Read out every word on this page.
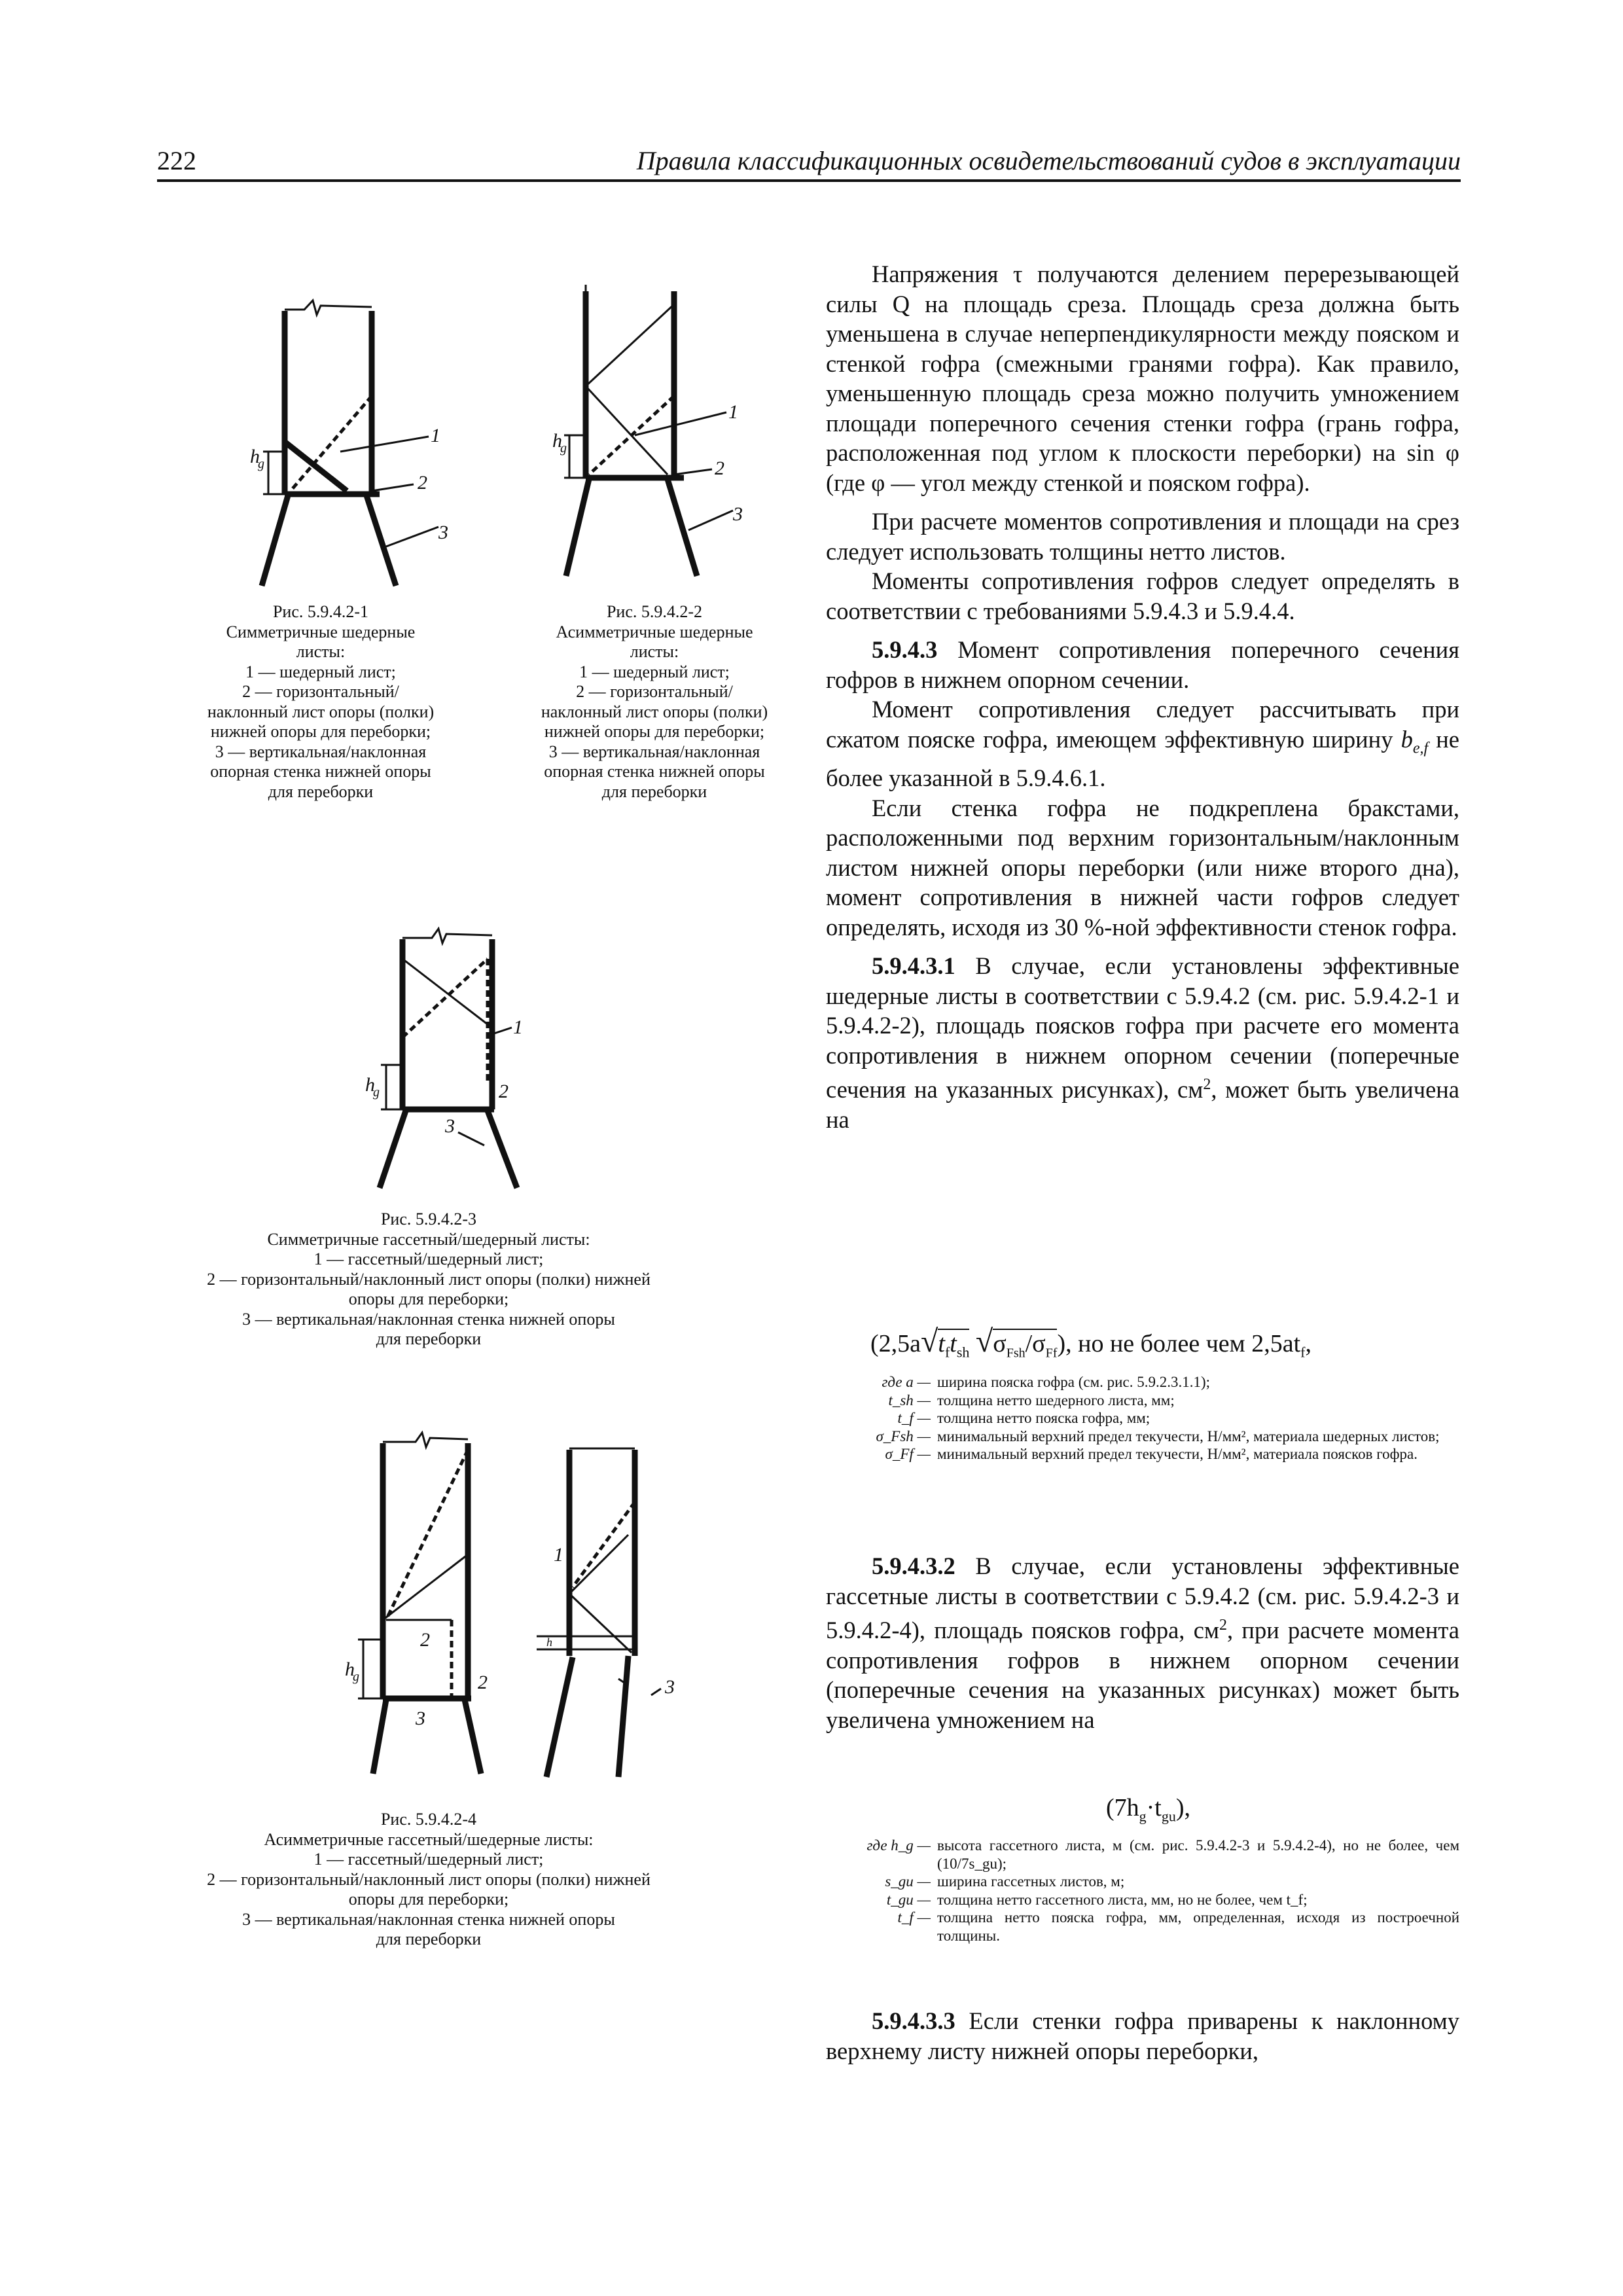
222	Правила классификационных освидетельствований судов в эксплуатации
h
g
1
2
3
Рис. 5.9.4.2-1
Симметричные шедерные
листы:
1 — шедерный лист;
2 — горизонтальный/
наклонный лист опоры (полки)
нижней опоры для переборки;
3 — вертикальная/наклонная
опорная стенка нижней опоры
для переборки
h
g
1
2
3
Рис. 5.9.4.2-2
Асимметричные шедерные
листы:
1 — шедерный лист;
2 — горизонтальный/
наклонный лист опоры (полки)
нижней опоры для переборки;
3 — вертикальная/наклонная
опорная стенка нижней опоры
для переборки
h
g
1
2
3
Рис. 5.9.4.2-3
Симметричные гассетный/шедерный листы:
1 — гассетный/шедерный лист;
2 — горизонтальный/наклонный лист опоры (полки) нижней
опоры для переборки;
3 — вертикальная/наклонная стенка нижней опоры
для переборки
h
g
2
2
3
1
h
3
Рис. 5.9.4.2-4
Асимметричные гассетный/шедерные листы:
1 — гассетный/шедерный лист;
2 — горизонтальный/наклонный лист опоры (полки) нижней
опоры для переборки;
3 — вертикальная/наклонная стенка нижней опоры
для переборки

Напряжения τ получаются делением перерезывающей силы Q на площадь среза. Площадь среза должна быть уменьшена в случае неперпендикулярности между пояском и стенкой гофра (смежными гранями гофра). Как правило, уменьшенную площадь среза можно получить умножением площади поперечного сечения стенки гофра (грань гофра, расположенная под углом к плоскости переборки) на sin φ (где φ — угол между стенкой и пояском гофра).

При расчете моментов сопротивления и площади на срез следует использовать толщины нетто листов.

Моменты сопротивления гофров следует определять в соответствии с требованиями 5.9.4.3 и 5.9.4.4.

5.9.4.3 Момент сопротивления поперечного сечения гофров в нижнем опорном сечении.

Момент сопротивления следует рассчитывать при сжатом пояске гофра, имеющем эффективную ширину $b_{e,f}$ не более указанной в 5.9.4.6.1.

Если стенка гофра не подкреплена бракстами, расположенными под верхним горизонтальным/наклонным листом нижней опоры переборки (или ниже второго дна), момент сопротивления в нижней части гофров следует определять, исходя из 30 %-ной эффективности стенок гофра.

5.9.4.3.1 В случае, если установлены эффективные шедерные листы в соответствии с 5.9.4.2 (см. рис. 5.9.4.2-1 и 5.9.4.2-2), площадь поясков гофра при расчете его момента сопротивления в нижнем опорном сечении (поперечные сечения на указанных рисунках), $см^2$, может быть увеличена на

($2,5a√t_ft_{sh}$ $√\sigma_{Fsh}/\sigma_{Ff}$), но не более чем $2,5at_f$,
где a — ширина пояска гофра (см. рис. 5.9.2.3.1.1);
t_sh — толщина нетто шедерного листа, мм;
t_f — толщина нетто пояска гофра, мм;
σ_Fsh — минимальный верхний предел текучести, Н/мм², материала шедерных листов;
σ_Ff — минимальный верхний предел текучести, Н/мм², материала поясков гофра.

5.9.4.3.2 В случае, если установлены эффективные гассетные листы в соответствии с 5.9.4.2 (см. рис. 5.9.4.2-3 и 5.9.4.2-4), площадь поясков гофра, $см^2$, при расчете момента сопротивления гофров в нижнем опорном сечении (поперечные сечения на указанных рисунках) может быть увеличена умножением на

$(7h_g\cdot t_{gu})$,
где h_g — высота гассетного листа, м (см. рис. 5.9.4.2-3 и 5.9.4.2-4), но не более, чем (10/7s_gu);
s_gu — ширина гассетных листов, м;
t_gu — толщина нетто гассетного листа, мм, но не более, чем t_f;
t_f — толщина нетто пояска гофра, мм, определенная, исходя из построечной толщины.

5.9.4.3.3 Если стенки гофра приварены к наклонному верхнему листу нижней опоры переборки,
